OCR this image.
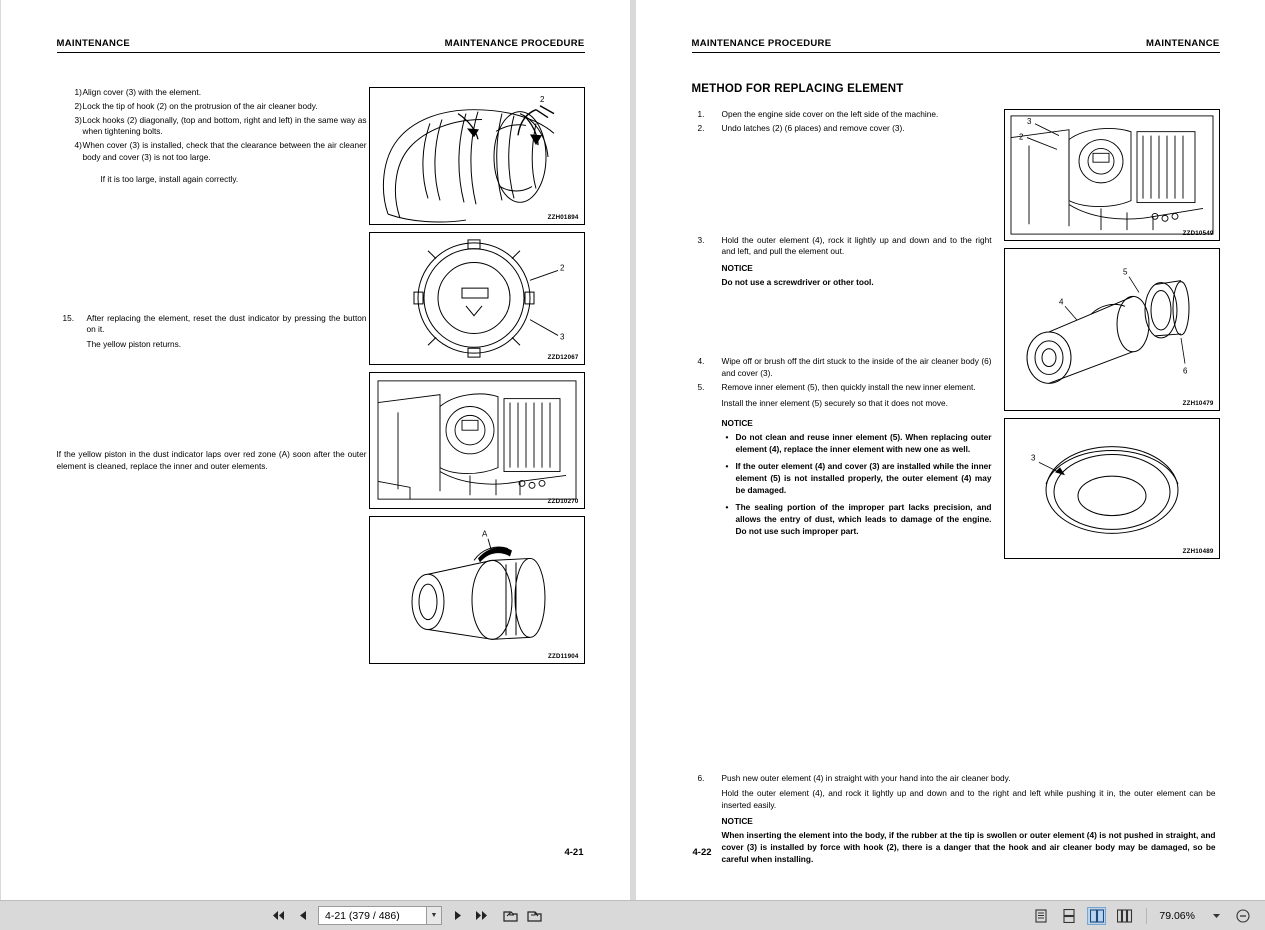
MAINTENANCE	MAINTENANCE PROCEDURE
1) Align cover (3) with the element.
2) Lock the tip of hook (2) on the protrusion of the air cleaner body.
3) Lock hooks (2) diagonally, (top and bottom, right and left) in the same way as when tightening bolts.
4) When cover (3) is installed, check that the clearance between the air cleaner body and cover (3) is not too large.
If it is too large, install again correctly.
15.	After replacing the element, reset the dust indicator by pressing the button on it.
The yellow piston returns.
If the yellow piston in the dust indicator laps over red zone (A) soon after the outer element is cleaned, replace the inner and outer elements.
2
ZZH01894
2
3
ZZD12067
ZZD10270
A
ZZD11904
4-21
MAINTENANCE PROCEDURE	MAINTENANCE
METHOD FOR REPLACING ELEMENT
1.	Open the engine side cover on the left side of the machine.
2.	Undo latches (2) (6 places) and remove cover (3).
3.	Hold the outer element (4), rock it lightly up and down and to the right and left, and pull the element out.
NOTICE
Do not use a screwdriver or other tool.
4.	Wipe off or brush off the dirt stuck to the inside of the air cleaner body (6) and cover (3).
5.	Remove inner element (5), then quickly install the new inner element.
Install the inner element (5) securely so that it does not move.
NOTICE
• Do not clean and reuse inner element (5). When replacing outer element (4), replace the inner element with new one as well.
• If the outer element (4) and cover (3) are installed while the inner element (5) is not installed properly, the outer element (4) may be damaged.
• The sealing portion of the improper part lacks precision, and allows the entry of dust, which leads to damage of the engine. Do not use such improper part.
3
2
ZZD10549
4
5
6
ZZH10479
3
ZZH10489
6.	Push new outer element (4) in straight with your hand into the air cleaner body.
Hold the outer element (4), and rock it lightly up and down and to the right and left while pushing it in, the outer element can be inserted easily.
NOTICE
When inserting the element into the body, if the rubber at the tip is swollen or outer element (4) is not pushed in straight, and cover (3) is installed by force with hook (2), there is a danger that the hook and air cleaner body may be damaged, so be careful when installing.
4-22
4-21 (379 / 486)	▼	79.06%
